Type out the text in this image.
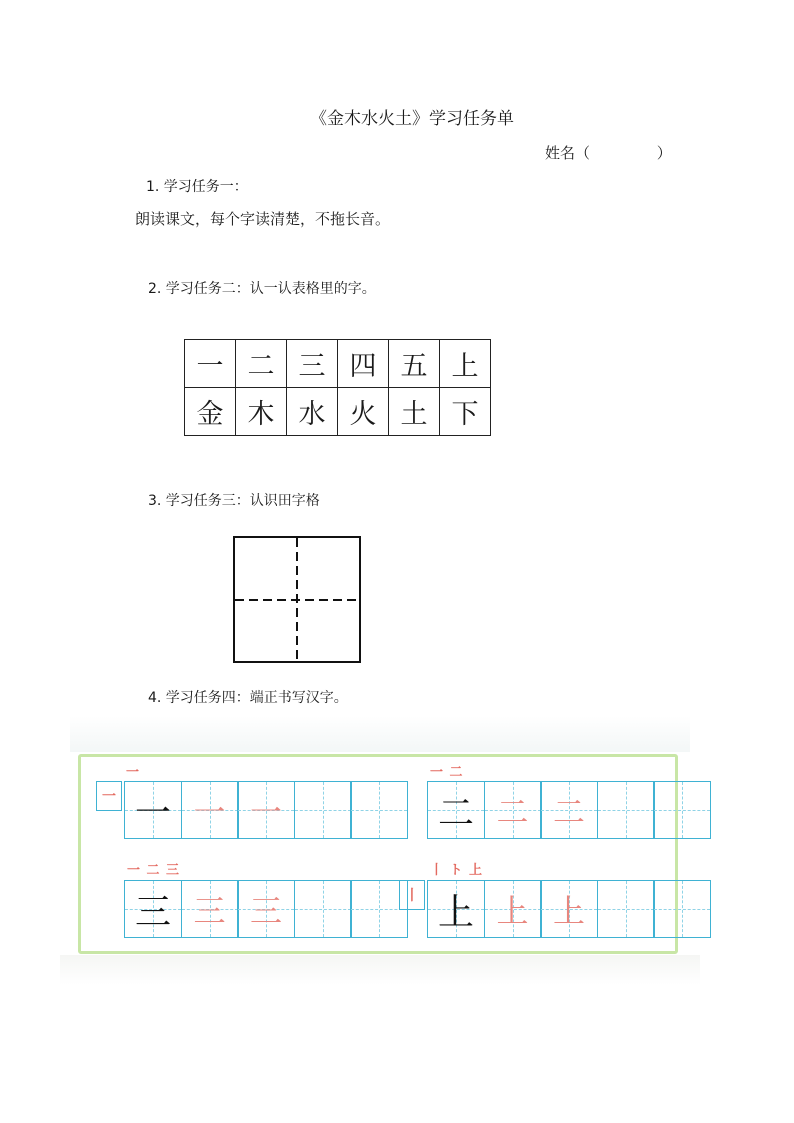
《金木水火土》学习任务单
姓名（              ）
1. 学习任务一：
朗读课文，每个字读清楚，不拖长音。
2. 学习任务二：认一认表格里的字。
一	二	三	四	五	上
金	木	水	火	土	下
3. 学习任务三：认识田字格
4. 学习任务四：端正书写汉字。
一
一 一 一 一
一 二
二 二 二
一 二 三
三 三 三
丨 ト 上
丨 上 上 上
